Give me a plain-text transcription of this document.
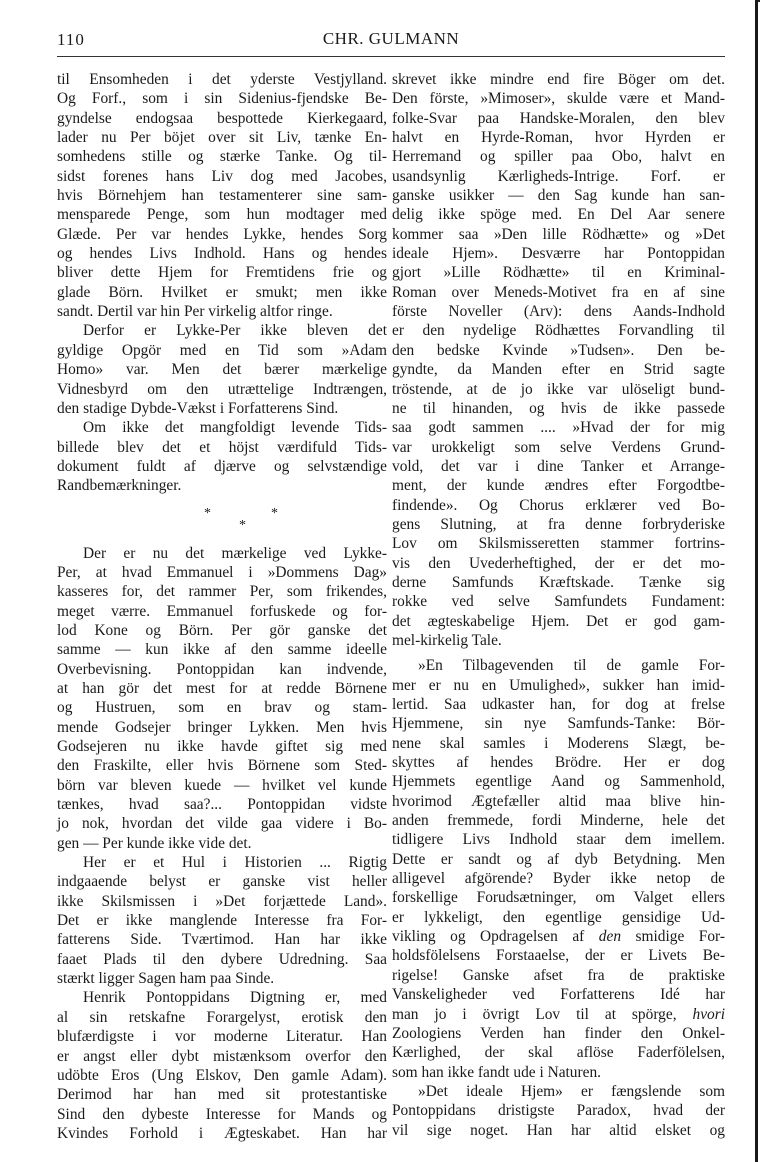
110	CHR. GULMANN
til Ensomheden i det yderste Vestjylland.
Og Forf., som i sin Sidenius-fjendske Be-
gyndelse endogsaa bespottede Kierkegaard,
lader nu Per böjet over sit Liv, tænke En-
somhedens stille og stærke Tanke. Og til-
sidst forenes hans Liv dog med Jacobes,
hvis Börnehjem han testamenterer sine sam-
mensparede Penge, som hun modtager med
Glæde. Per var hendes Lykke, hendes Sorg
og hendes Livs Indhold. Hans og hendes
bliver dette Hjem for Fremtidens frie og
glade Börn. Hvilket er smukt; men ikke
sandt. Dertil var hin Per virkelig altfor ringe.
Derfor er Lykke-Per ikke bleven det
gyldige Opgör med en Tid som »Adam
Homo» var. Men det bærer mærkelige
Vidnesbyrd om den utrættelige Indtrængen,
den stadige Dybde-Vækst i Forfatterens Sind.
Om ikke det mangfoldigt levende Tids-
billede blev det et höjst værdifuld Tids-
dokument fuldt af djærve og selvstændige
Randbemærkninger.
*
*
*
Der er nu det mærkelige ved Lykke-
Per, at hvad Emmanuel i »Dommens Dag»
kasseres for, det rammer Per, som frikendes,
meget værre. Emmanuel forfuskede og for-
lod Kone og Börn. Per gör ganske det
samme — kun ikke af den samme ideelle
Overbevisning. Pontoppidan kan indvende,
at han gör det mest for at redde Börnene
og Hustruen, som en brav og stam-
mende Godsejer bringer Lykken. Men hvis
Godsejeren nu ikke havde giftet sig med
den Fraskilte, eller hvis Börnene som Sted-
börn var bleven kuede — hvilket vel kunde
tænkes, hvad saa?... Pontoppidan vidste
jo nok, hvordan det vilde gaa videre i Bo-
gen — Per kunde ikke vide det.
Her er et Hul i Historien ... Rigtig
indgaaende belyst er ganske vist heller
ikke Skilsmissen i »Det forjættede Land».
Det er ikke manglende Interesse fra For-
fatterens Side. Tværtimod. Han har ikke
faaet Plads til den dybere Udredning. Saa
stærkt ligger Sagen ham paa Sinde.
Henrik Pontoppidans Digtning er, med
al sin retskafne Forargelyst, erotisk den
blufærdigste i vor moderne Literatur. Han
er angst eller dybt mistænksom overfor den
udöbte Eros (Ung Elskov, Den gamle Adam).
Derimod har han med sit protestantiske
Sind den dybeste Interesse for Mands og
Kvindes Forhold i Ægteskabet. Han har
skrevet ikke mindre end fire Böger om det.
Den förste, »Mimoser», skulde være et Mand-
folke-Svar paa Handske-Moralen, den blev
halvt en Hyrde-Roman, hvor Hyrden er
Herremand og spiller paa Obo, halvt en
usandsynlig Kærligheds-Intrige. Forf. er
ganske usikker — den Sag kunde han san-
delig ikke spöge med. En Del Aar senere
kommer saa »Den lille Rödhætte» og »Det
ideale Hjem». Desværre har Pontoppidan
gjort »Lille Rödhætte» til en Kriminal-
Roman over Meneds-Motivet fra en af sine
förste Noveller (Arv): dens Aands-Indhold
er den nydelige Rödhættes Forvandling til
den bedske Kvinde »Tudsen». Den be-
gyndte, da Manden efter en Strid sagte
tröstende, at de jo ikke var ulöseligt bund-
ne til hinanden, og hvis de ikke passede
saa godt sammen .... »Hvad der for mig
var urokkeligt som selve Verdens Grund-
vold, det var i dine Tanker et Arrange-
ment, der kunde ændres efter Forgodtbe-
findende». Og Chorus erklærer ved Bo-
gens Slutning, at fra denne forbryderiske
Lov om Skilsmisseretten stammer fortrins-
vis den Uvederheftighed, der er det mo-
derne Samfunds Kræftskade. Tænke sig
rokke ved selve Samfundets Fundament:
det ægteskabelige Hjem. Det er god gam-
mel-kirkelig Tale.
»En Tilbagevenden til de gamle For-
mer er nu en Umulighed», sukker han imid-
lertid. Saa udkaster han, for dog at frelse
Hjemmene, sin nye Samfunds-Tanke: Bör-
nene skal samles i Moderens Slægt, be-
skyttes af hendes Brödre. Her er dog
Hjemmets egentlige Aand og Sammenhold,
hvorimod Ægtefæller altid maa blive hin-
anden fremmede, fordi Minderne, hele det
tidligere Livs Indhold staar dem imellem.
Dette er sandt og af dyb Betydning. Men
alligevel afgörende? Byder ikke netop de
forskellige Forudsætninger, om Valget ellers
er lykkeligt, den egentlige gensidige Ud-
vikling og Opdragelsen af den smidige For-
holdsfölelsens Forstaaelse, der er Livets Be-
rigelse! Ganske afset fra de praktiske
Vanskeligheder ved Forfatterens Idé har
man jo i övrigt Lov til at spörge, hvori
Zoologiens Verden han finder den Onkel-
Kærlighed, der skal aflöse Faderfölelsen,
som han ikke fandt ude i Naturen.
»Det ideale Hjem» er fængslende som
Pontoppidans dristigste Paradox, hvad der
vil sige noget. Han har altid elsket og
